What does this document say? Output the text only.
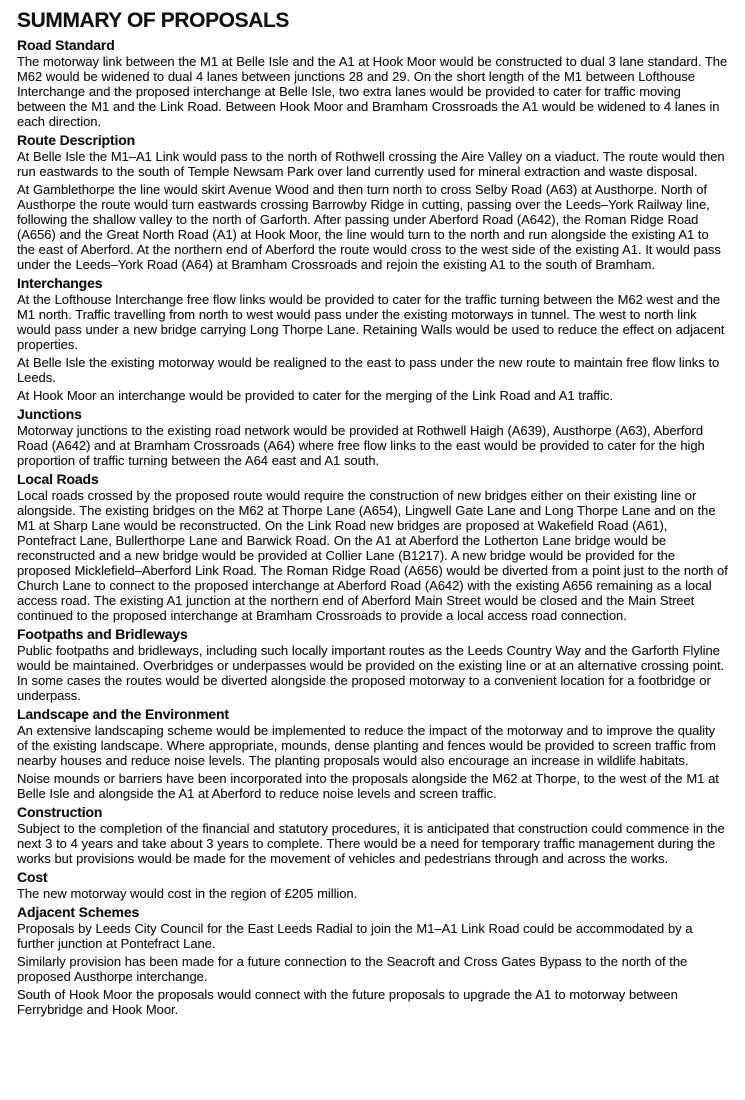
SUMMARY OF PROPOSALS
Road Standard

The motorway link between the M1 at Belle Isle and the A1 at Hook Moor would be constructed to dual 3 lane standard. The M62 would be widened to dual 4 lanes between junctions 28 and 29. On the short length of the M1 between Lofthouse Interchange and the proposed interchange at Belle Isle, two extra lanes would be provided to cater for traffic moving between the M1 and the Link Road. Between Hook Moor and Bramham Crossroads the A1 would be widened to 4 lanes in each direction.

Route Description

At Belle Isle the M1–A1 Link would pass to the north of Rothwell crossing the Aire Valley on a viaduct. The route would then run eastwards to the south of Temple Newsam Park over land currently used for mineral extraction and waste disposal.

At Gamblethorpe the line would skirt Avenue Wood and then turn north to cross Selby Road (A63) at Austhorpe. North of Austhorpe the route would turn eastwards crossing Barrowby Ridge in cutting, passing over the Leeds–York Railway line, following the shallow valley to the north of Garforth. After passing under Aberford Road (A642), the Roman Ridge Road (A656) and the Great North Road (A1) at Hook Moor, the line would turn to the north and run alongside the existing A1 to the east of Aberford. At the northern end of Aberford the route would cross to the west side of the existing A1. It would pass under the Leeds–York Road (A64) at Bramham Crossroads and rejoin the existing A1 to the south of Bramham.

Interchanges

At the Lofthouse Interchange free flow links would be provided to cater for the traffic turning between the M62 west and the M1 north. Traffic travelling from north to west would pass under the existing motorways in tunnel. The west to north link would pass under a new bridge carrying Long Thorpe Lane. Retaining Walls would be used to reduce the effect on adjacent properties.

At Belle Isle the existing motorway would be realigned to the east to pass under the new route to maintain free flow links to Leeds.

At Hook Moor an interchange would be provided to cater for the merging of the Link Road and A1 traffic.

Junctions

Motorway junctions to the existing road network would be provided at Rothwell Haigh (A639), Austhorpe (A63), Aberford Road (A642) and at Bramham Crossroads (A64) where free flow links to the east would be provided to cater for the high proportion of traffic turning between the A64 east and A1 south.

Local Roads

Local roads crossed by the proposed route would require the construction of new bridges either on their existing line or alongside. The existing bridges on the M62 at Thorpe Lane (A654), Lingwell Gate Lane and Long Thorpe Lane and on the M1 at Sharp Lane would be reconstructed. On the Link Road new bridges are proposed at Wakefield Road (A61), Pontefract Lane, Bullerthorpe Lane and Barwick Road. On the A1 at Aberford the Lotherton Lane bridge would be reconstructed and a new bridge would be provided at Collier Lane (B1217). A new bridge would be provided for the proposed Micklefield–Aberford Link Road. The Roman Ridge Road (A656) would be diverted from a point just to the north of Church Lane to connect to the proposed interchange at Aberford Road (A642) with the existing A656 remaining as a local access road. The existing A1 junction at the northern end of Aberford Main Street would be closed and the Main Street continued to the proposed interchange at Bramham Crossroads to provide a local access road connection.

Footpaths and Bridleways

Public footpaths and bridleways, including such locally important routes as the Leeds Country Way and the Garforth Flyline would be maintained. Overbridges or underpasses would be provided on the existing line or at an alternative crossing point. In some cases the routes would be diverted alongside the proposed motorway to a convenient location for a footbridge or underpass.

Landscape and the Environment

An extensive landscaping scheme would be implemented to reduce the impact of the motorway and to improve the quality of the existing landscape. Where appropriate, mounds, dense planting and fences would be provided to screen traffic from nearby houses and reduce noise levels. The planting proposals would also encourage an increase in wildlife habitats.

Noise mounds or barriers have been incorporated into the proposals alongside the M62 at Thorpe, to the west of the M1 at Belle Isle and alongside the A1 at Aberford to reduce noise levels and screen traffic.

Construction

Subject to the completion of the financial and statutory procedures, it is anticipated that construction could commence in the next 3 to 4 years and take about 3 years to complete. There would be a need for temporary traffic management during the works but provisions would be made for the movement of vehicles and pedestrians through and across the works.

Cost

The new motorway would cost in the region of £205 million.

Adjacent Schemes

Proposals by Leeds City Council for the East Leeds Radial to join the M1–A1 Link Road could be accommodated by a further junction at Pontefract Lane.

Similarly provision has been made for a future connection to the Seacroft and Cross Gates Bypass to the north of the proposed Austhorpe interchange.

South of Hook Moor the proposals would connect with the future proposals to upgrade the A1 to motorway between Ferrybridge and Hook Moor.
